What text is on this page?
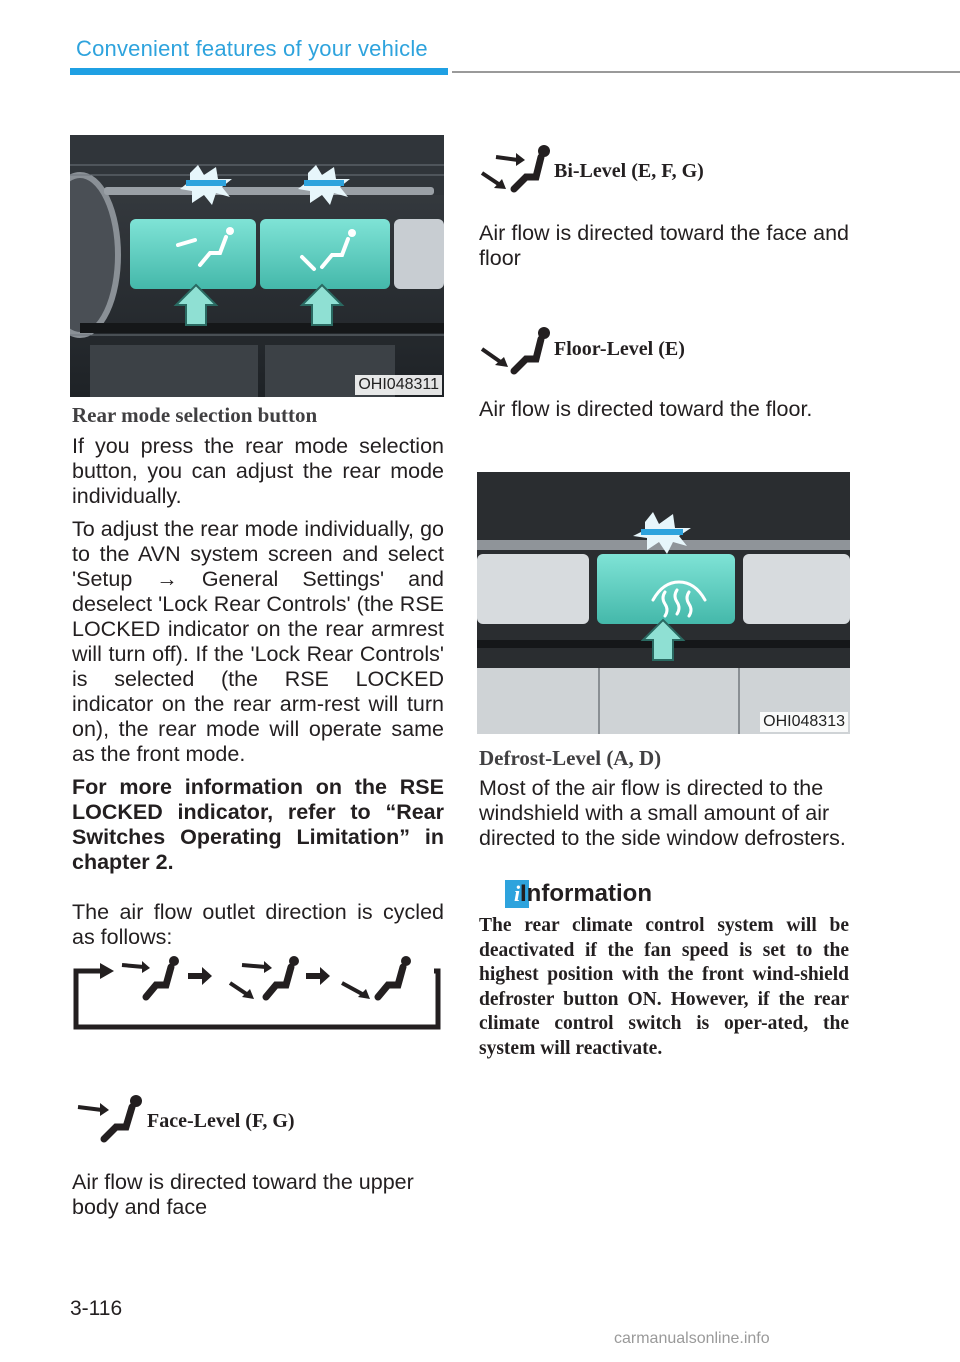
Convenient features of your vehicle
OHI048311
Rear mode selection button

If you press the rear mode selection button, you can adjust the rear mode individually.

To adjust the rear mode individually, go to the AVN system screen and select 'Setup → General Settings' and deselect 'Lock Rear Controls' (the RSE LOCKED indicator on the rear armrest will turn off). If the 'Lock Rear Controls' is selected (the RSE LOCKED indicator on the rear arm-rest will turn on), the rear mode will operate same as the front mode.

For more information on the RSE LOCKED indicator, refer to “Rear Switches Operating Limitation” in chapter 2.

The air flow outlet direction is cycled as follows:
Face-Level (F, G)
Air flow is directed toward the upper body and face
Bi-Level (E, F, G)
Air flow is directed toward the face and floor
Floor-Level (E)
Air flow is directed toward the floor.
OHI048313
Defrost-Level (A, D)
Most of the air flow is directed to the windshield with a small amount of air directed to the side window defrosters.
i Information
The rear climate control system will be deactivated if the fan speed is set to the highest position with the front wind-shield defroster button ON. However, if the rear climate control switch is oper-ated, the system will reactivate.
3-116
carmanualsonline.info
